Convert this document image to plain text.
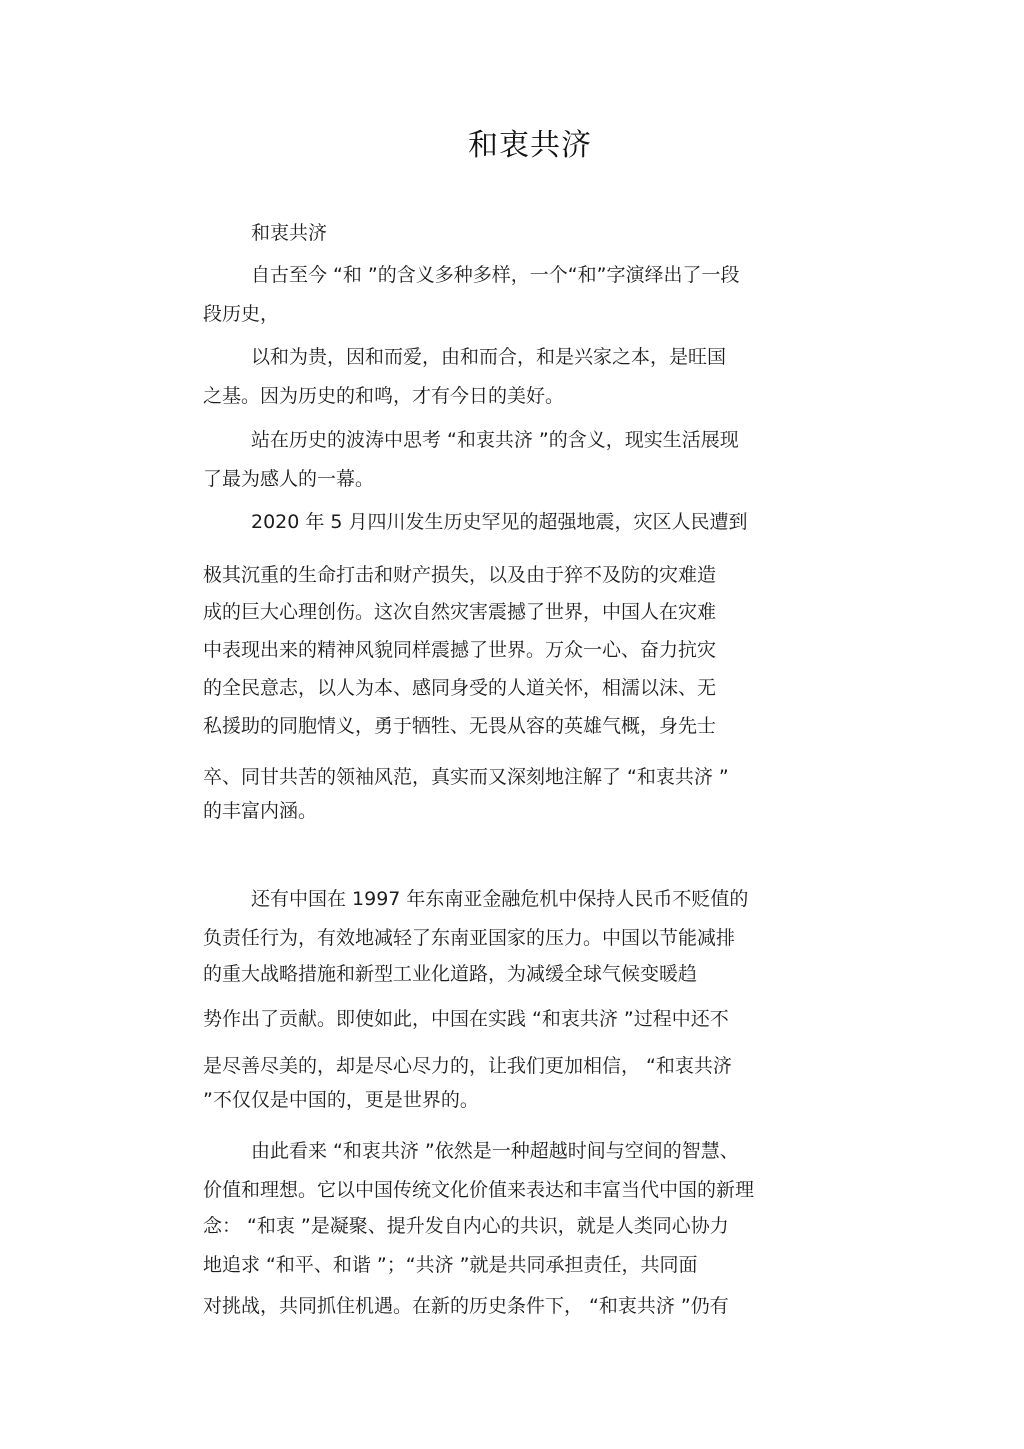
和衷共济

和衷共济

自古至今 “和 ”的含义多种多样，一个“和”字演绎出了一段

段历史，

以和为贵，因和而爱，由和而合，和是兴家之本，是旺国

之基。因为历史的和鸣，才有今日的美好。

站在历史的波涛中思考 “和衷共济 ”的含义，现实生活展现

了最为感人的一幕。

2020 年 5 月四川发生历史罕见的超强地震，灾区人民遭到

极其沉重的生命打击和财产损失，以及由于猝不及防的灾难造

成的巨大心理创伤。这次自然灾害震撼了世界，中国人在灾难

中表现出来的精神风貌同样震撼了世界。万众一心、奋力抗灾

的全民意志，以人为本、感同身受的人道关怀，相濡以沫、无

私援助的同胞情义，勇于牺牲、无畏从容的英雄气概，身先士

卒、同甘共苦的领袖风范，真实而又深刻地注解了 “和衷共济 ”

的丰富内涵。

还有中国在 1997 年东南亚金融危机中保持人民币不贬值的

负责任行为，有效地减轻了东南亚国家的压力。中国以节能减排

的重大战略措施和新型工业化道路，为减缓全球气候变暖趋

势作出了贡献。即使如此，中国在实践 “和衷共济 ”过程中还不

是尽善尽美的，却是尽心尽力的，让我们更加相信， “和衷共济

”不仅仅是中国的，更是世界的。

由此看来 “和衷共济 ”依然是一种超越时间与空间的智慧、

价值和理想。它以中国传统文化价值来表达和丰富当代中国的新理

念： “和衷 ”是凝聚、提升发自内心的共识，就是人类同心协力

地追求 “和平、和谐 ”；“共济 ”就是共同承担责任，共同面

对挑战，共同抓住机遇。在新的历史条件下， “和衷共济 ”仍有
